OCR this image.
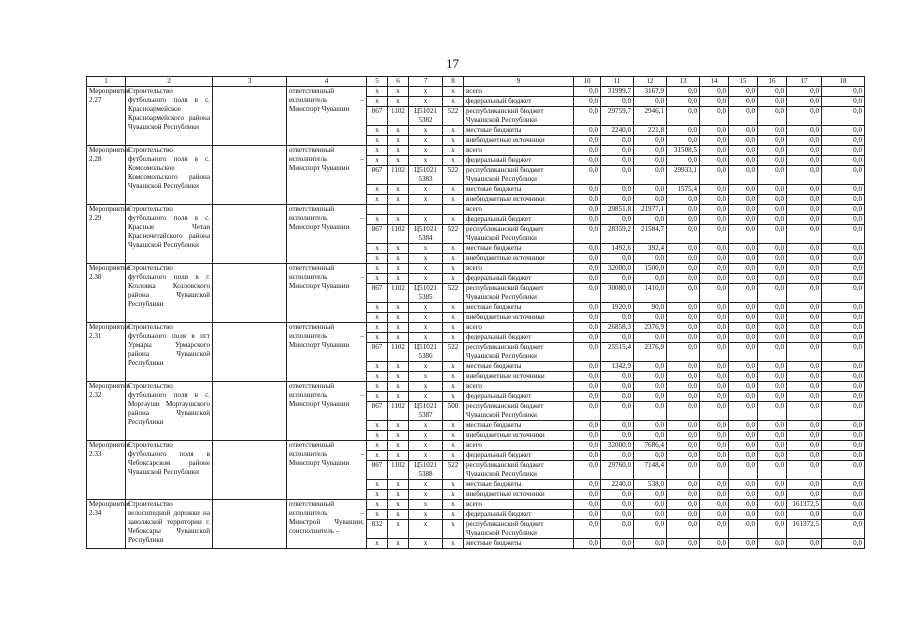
17
1	2	3	4	5	6	7	8	9	10	11	12	13	14	15	16	17	18
Мероприятие 2.27	Строительство футбольного поля в с. Красноармейское Красноармейского района Чувашской Республики		ответственный исполнитель – Минспорт Чувашии	x	x	x	x	всего	0,0	31999,7	3167,9	0,0	0,0	0,0	0,0	0,0	0,0
				x	x	x	x	федеральный бюджет	0,0	0,0	0,0	0,0	0,0	0,0	0,0	0,0	0,0
				867	1102	Ц51021 5382	522	республиканский бюджет Чувашской Республики	0,0	29759,7	2946,1	0,0	0,0	0,0	0,0	0,0	0,0
				x	x	x	x	местные бюджеты	0,0	2240,0	221,8	0,0	0,0	0,0	0,0	0,0	0,0
				x	x	x	x	внебюджетные источники	0,0	0,0	0,0	0,0	0,0	0,0	0,0	0,0	0,0
Мероприятие 2.28	Строительство футбольного поля в с. Комсомольское Комсомольского района Чувашской Республики		ответственный исполнитель – Минспорт Чувашии	x	x	x	x	всего	0,0	0,0	0,0	31508,5	0,0	0,0	0,0	0,0	0,0
				x	x	x	x	федеральный бюджет	0,0	0,0	0,0	0,0	0,0	0,0	0,0	0,0	0,0
				867	1102	Ц51021 5383	522	республиканский бюджет Чувашской Республики	0,0	0,0	0,0	29933,1	0,0	0,0	0,0	0,0	0,0
				x	x	x	x	местные бюджеты	0,0	0,0	0,0	1575,4	0,0	0,0	0,0	0,0	0,0
				x	x	x	x	внебюджетные источники	0,0	0,0	0,0	0,0	0,0	0,0	0,0	0,0	0,0
Мероприятие 2.29	Строительство футбольного поля в с. Красные Четаи Красночетайского района Чувашской Республики		ответственный исполнитель – Минспорт Чувашии					всего	0,0	29851,8	21977,1	0,0	0,0	0,0	0,0	0,0	0,0
				x	x	x	x	федеральный бюджет	0,0	0,0	0,0	0,0	0,0	0,0	0,0	0,0	0,0
				867	1102	Ц51021 5384	522	республиканский бюджет Чувашской Республики	0,0	28359,2	21584,7	0,0	0,0	0,0	0,0	0,0	0,0
				x	x	x	x	местные бюджеты	0,0	1492,6	392,4	0,0	0,0	0,0	0,0	0,0	0,0
				x	x	x	x	внебюджетные источники	0,0	0,0	0,0	0,0	0,0	0,0	0,0	0,0	0,0
Мероприятие 2.30	Строительство футбольного поля в г. Козловка Козловского района Чувашской Республики		ответственный исполнитель – Минспорт Чувашии	x	x	x	x	всего	0,0	32000,0	1500,0	0,0	0,0	0,0	0,0	0,0	0,0
				x	x	x	x	федеральный бюджет	0,0	0,0	0,0	0,0	0,0	0,0	0,0	0,0	0,0
				867	1102	Ц51021 5385	522	республиканский бюджет Чувашской Республики	0,0	30080,0	1410,0	0,0	0,0	0,0	0,0	0,0	0,0
				x	x	x	x	местные бюджеты	0,0	1920,0	90,0	0,0	0,0	0,0	0,0	0,0	0,0
				x	x	x	x	внебюджетные источники	0,0	0,0	0,0	0,0	0,0	0,0	0,0	0,0	0,0
Мероприятие 2.31	Строительство футбольного поля в пгт Урмары Урмарского района Чувашской Республики		ответственный исполнитель – Минспорт Чувашии	x	x	x	x	всего	0,0	26858,3	2376,9	0,0	0,0	0,0	0,0	0,0	0,0
				x	x	x	x	федеральный бюджет	0,0	0,0	0,0	0,0	0,0	0,0	0,0	0,0	0,0
				867	1102	Ц51021 5386	522	республиканский бюджет Чувашской Республики	0,0	25515,4	2376,9	0,0	0,0	0,0	0,0	0,0	0,0
				x	x	x	x	местные бюджеты	0,0	1342,9	0,0	0,0	0,0	0,0	0,0	0,0	0,0
				x	x	x	x	внебюджетные источники	0,0	0,0	0,0	0,0	0,0	0,0	0,0	0,0	0,0
Мероприятие 2.32	Строительство футбольного поля в с. Моргауши Моргаушского района Чувашской Республики		ответственный исполнитель – Минспорт Чувашии	x	x	x	x	всего	0,0	0,0	0,0	0,0	0,0	0,0	0,0	0,0	0,0
				x	x	x	x	федеральный бюджет	0,0	0,0	0,0	0,0	0,0	0,0	0,0	0,0	0,0
				867	1102	Ц51021 5387	500	республиканский бюджет Чувашской Республики	0,0	0,0	0,0	0,0	0,0	0,0	0,0	0,0	0,0
				x	x	x	x	местные бюджеты	0,0	0,0	0,0	0,0	0,0	0,0	0,0	0,0	0,0
				x	x	x	x	внебюджетные источники	0,0	0,0	0,0	0,0	0,0	0,0	0,0	0,0	0,0
Мероприятие 2.33	Строительство футбольного поля в Чебоксарском районе Чувашской Республики		ответственный исполнитель – Минспорт Чувашии	x	x	x	x	всего	0,0	32000,0	7686,4	0,0	0,0	0,0	0,0	0,0	0,0
				x	x	x	x	федеральный бюджет	0,0	0,0	0,0	0,0	0,0	0,0	0,0	0,0	0,0
				867	1102	Ц51021 5388	522	республиканский бюджет Чувашской Республики	0,0	29760,0	7148,4	0,0	0,0	0,0	0,0	0,0	0,0
				x	x	x	x	местные бюджеты	0,0	2240,0	538,0	0,0	0,0	0,0	0,0	0,0	0,0
				x	x	x	x	внебюджетные источники	0,0	0,0	0,0	0,0	0,0	0,0	0,0	0,0	0,0
Мероприятие 2.34	Строительство велосипедной дорожки на заволжской территории г. Чебоксары Чувашской Республики		ответственный исполнитель – Минстрой Чувашии; соисполнитель –	x	x	x	x	всего	0,0	0,0	0,0	0,0	0,0	0,0	0,0	161372,5	0,0
				x	x	x	x	федеральный бюджет	0,0	0,0	0,0	0,0	0,0	0,0	0,0	0,0	0,0
				832	x	x	x	республиканский бюджет Чувашской Республики	0,0	0,0	0,0	0,0	0,0	0,0	0,0	161372,5	0,0
				x	x	x	x	местные бюджеты	0,0	0,0	0,0	0,0	0,0	0,0	0,0	0,0	0,0
